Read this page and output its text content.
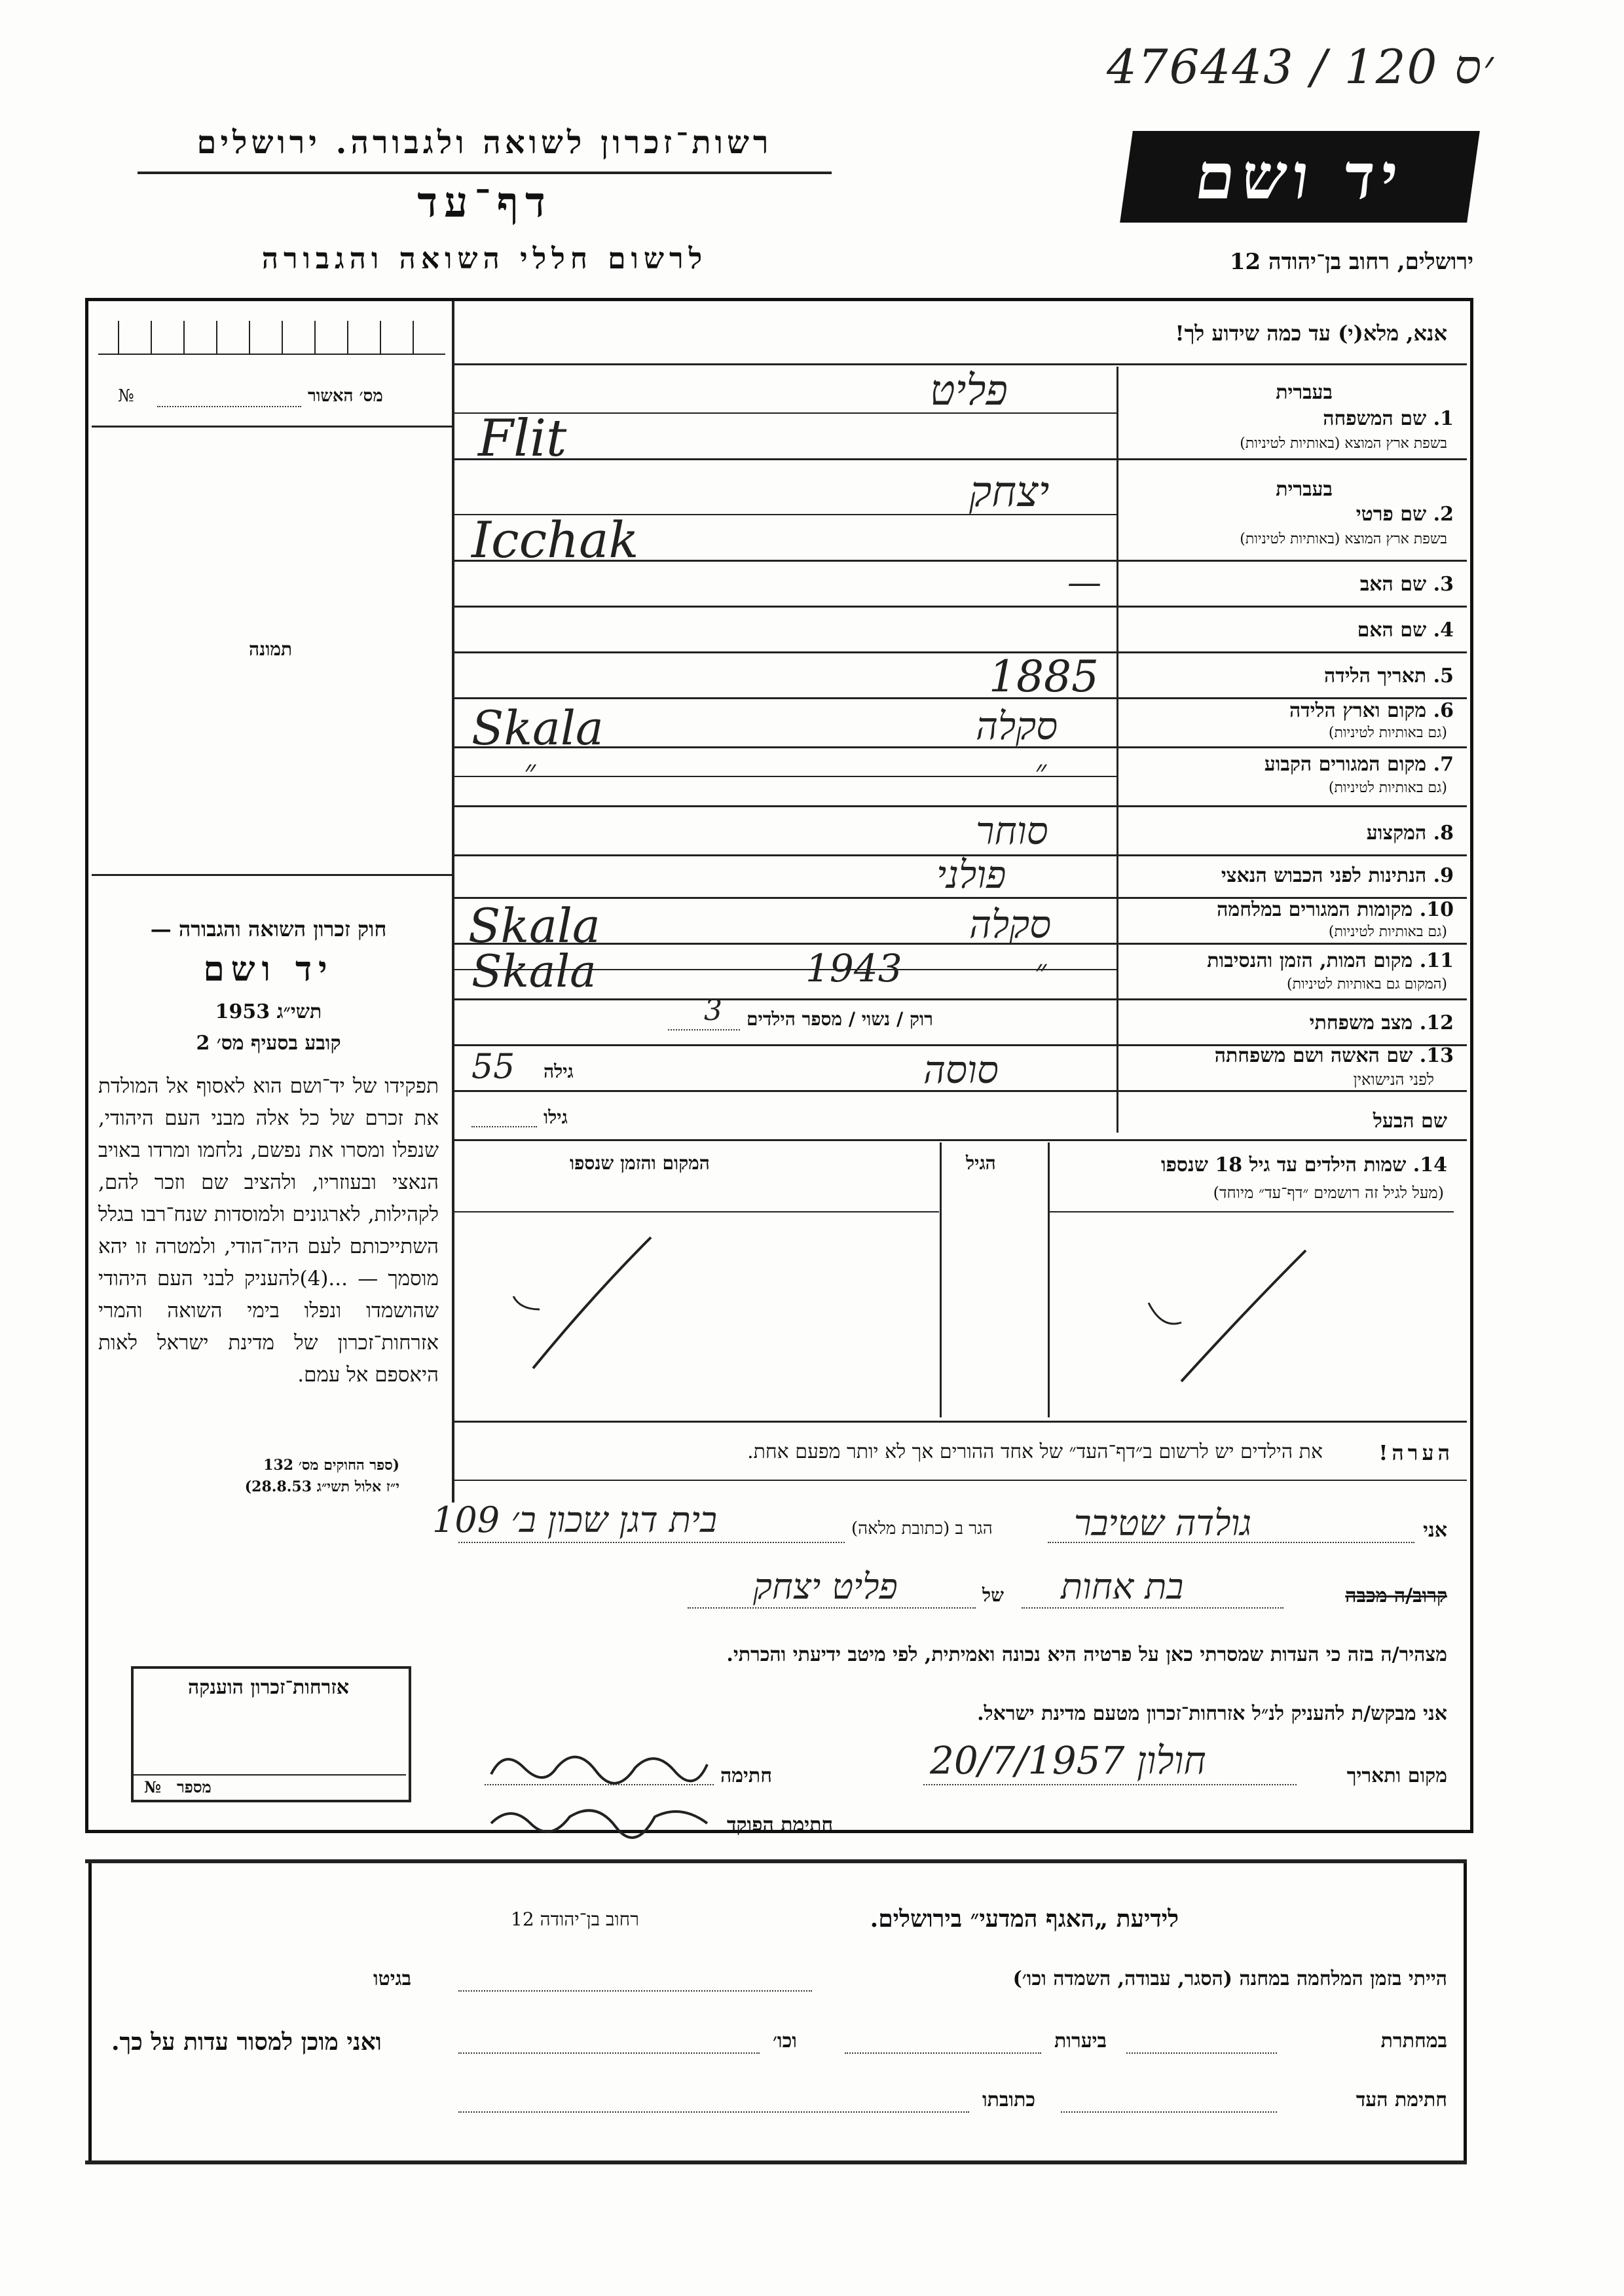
476443 / 120 ׳ס
רשות־זכרון לשואה ולגבורה. ירושלים
דף־עד
לרשום חללי השואה והגבורה
יד ושם
ירושלים, רחוב בן־יהודה 12
אנא, מלא(י) עד כמה שידוע לך!
מס׳ האשור
№
תמונה
חוק זכרון השואה והגבורה —
יד ושם
תשי״ג 1953
קובע בסעיף מס׳ 2
תפקידו של יד־ושם הוא לאסוף אל המולדת את זכרם של כל אלה מבני העם היהודי, שנפלו ומסרו את נפשם, נלחמו ומרדו באויב הנאצי ובעוזריו, ולהציב שם וזכר להם, לקהילות, לארגונים ולמוסדות שנח־רבו בגלל השתייכותם לעם היה־הודי, ולמטרה זו יהא מוסמך — ...(4)להעניק לבני העם היהודי שהושמדו ונפלו בימי השואה והמרי אזרחות־זכרון של מדינת ישראל לאות היאספם אל עמם.
(ספר החוקים מס׳ 132
י״ז אלול תשי״ג 28.8.53)
בעברית
1. שם המשפחה
בשפת ארץ המוצא (באותיות לטיניות)
פליט
Flit
בעברית
2. שם פרטי
בשפת ארץ המוצא (באותיות לטיניות)
יצחק
Icchak
3. שם האב
—
4. שם האם
5. תאריך הלידה
1885
6. מקום וארץ הלידה
(גם באותיות לטיניות)
סקלה
Skala
7. מקום המגורים הקבוע
(גם באותיות לטיניות)
״
״
8. המקצוע
סוחר
9. הנתינות לפני הכבוש הנאצי
פולני
10. מקומות המגורים במלחמה
(גם באותיות לטיניות)
סקלה
Skala
11. מקום המות, הזמן והנסיבות
(המקום גם באותיות לטיניות)
״
1943
Skala
12. מצב משפחתי
רוק / נשוי / מספר הילדים
3
13. שם האשה ושם משפחתה
לפני הנישואין
סוסה
גילה
55
שם הבעל
גילו
14. שמות הילדים עד גיל 18 שנספו
(מעל לגיל זה רושמים ״דף־עד״ מיוחד)
הגיל
המקום והזמן שנספו
הערה!
את הילדים יש לרשום ב״דף־העד״ של אחד ההורים אך לא יותר מפעם אחת.
אני
גולדה שטיבר
הגר ב (כתובת מלאה)
בית דגן שכון ב׳ 109
קרוב/ה מכבה
בת אחות
של
פליט יצחק
מצהיר/ה בזה כי העדות שמסרתי כאן על פרטיה היא נכונה ואמיתית, לפי מיטב ידיעתי והכרתי.
אני מבקש/ת להעניק לנ״ל אזרחות־זכרון מטעם מדינת ישראל.
מקום ותאריך
חולון 20/7/1957
חתימה
חתימת הפוקד
אזרחות־זכרון הוענקה
מספר
№
לידיעת „האגף המדעי״ בירושלים.
רחוב בן־יהודה 12
הייתי בזמן המלחמה במחנה (הסגר, עבודה, השמדה וכו׳)
בגיטו
במחתרת
ביערות
וכו׳
ואני מוכן למסור עדות על כך.
חתימת העד
כתובתו
